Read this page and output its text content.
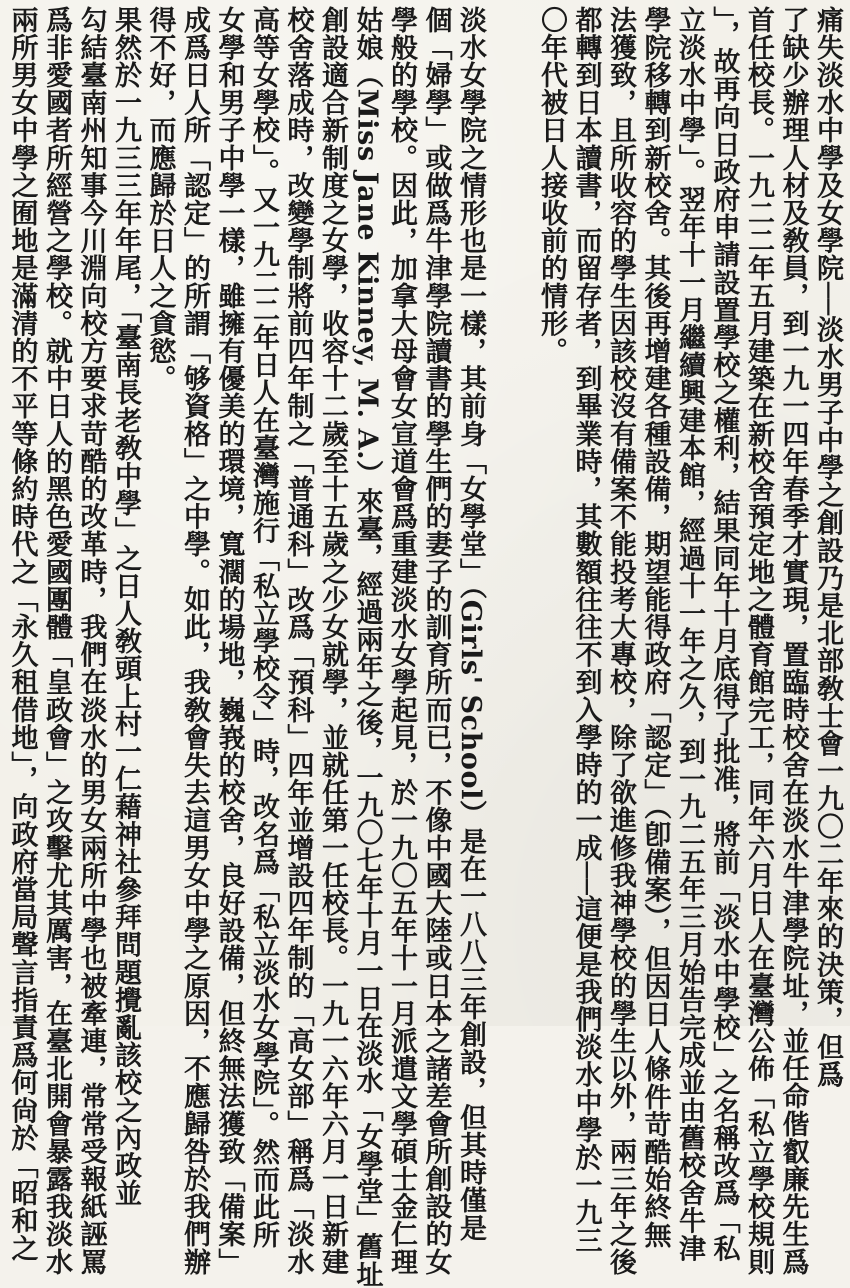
痛失淡水中學及女學院──淡水男子中學之創設乃是北部敎士會一九〇二年來的決策，但爲
了缺少辦理人材及敎員，到一九一四年春季才實現，置臨時校舍在淡水牛津學院址，並任命偕叡廉先生爲
首任校長。一九二二年五月建築在新校舍預定地之體育館完工，同年六月日人在臺灣公佈「私立學校規則
」，故再向日政府申請設置學校之權利，結果同年十月底得了批准，將前「淡水中學校」之名稱改爲「私
立淡水中學」。翌年十一月繼續興建本館，經過十一年之久，到一九二五年三月始告完成並由舊校舍牛津
學院移轉到新校舍。其後再增建各種設備，期望能得政府「認定」（卽備案），但因日人條件苛酷始終無
法獲致，且所收容的學生因該校沒有備案不能投考大專校，除了欲進修我神學校的學生以外，兩三年之後
都轉到日本讀書，而留存者，到畢業時，其數額往往不到入學時的一成──這便是我們淡水中學於一九三
〇年代被日人接收前的情形。
淡水女學院之情形也是一樣，其前身「女學堂」（Girls' School）是在一八八三年創設，但其時僅是
個「婦學」或做爲牛津學院讀書的學生們的妻子的訓育所而已，不像中國大陸或日本之諸差會所創設的女
學般的學校。因此，加拿大母會女宣道會爲重建淡水女學起見，於一九〇五年十一月派遣文學碩士金仁理
姑娘（Miss Jane Kinney, M. A.）來臺，經過兩年之後，一九〇七年十月一日在淡水「女學堂」舊址
創設適合新制度之女學，收容十二歲至十五歲之少女就學，並就任第一任校長。一九一六年六月一日新建
校舍落成時，改變學制將前四年制之「普通科」改爲「預科」四年並增設四年制的「高女部」稱爲「淡水
高等女學校」。又一九二二年日人在臺灣施行「私立學校令」時，改名爲「私立淡水女學院」。然而此所
女學和男子中學一樣，雖擁有優美的環境，寬濶的場地，巍峩的校舍，良好設備，但終無法獲致「備案」
成爲日人所「認定」的所謂「够資格」之中學。如此，我敎會失去這男女中學之原因，不應歸咎於我們辦
得不好，而應歸於日人之貪慾。
果然於一九三三年年尾，「臺南長老敎中學」之日人敎頭上村一仁藉神社參拜問題攪亂該校之內政並
勾結臺南州知事今川淵向校方要求苛酷的改革時，我們在淡水的男女兩所中學也被牽連，常常受報紙誣罵
爲非愛國者所經營之學校。就中日人的黑色愛國團體「皇政會」之攻擊尤其厲害，在臺北開會暴露我淡水
兩所男女中學之囿地是滿清的不平等條約時代之「永久租借地」，向政府當局聲言指責爲何尙於「昭和之
